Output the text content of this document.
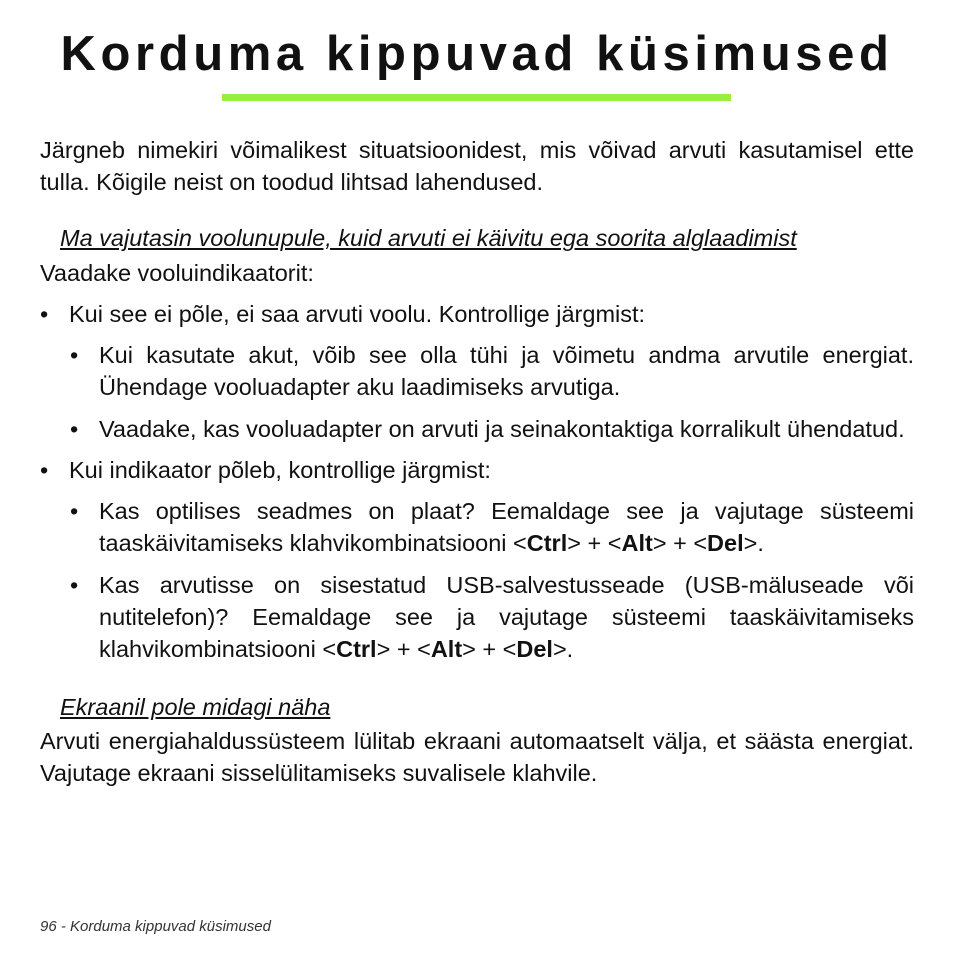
Korduma kippuvad küsimused

Järgneb nimekiri võimalikest situatsioonidest, mis võivad arvuti kasutamisel ette tulla. Kõigile neist on toodud lihtsad lahendused.

Ma vajutasin voolunupule, kuid arvuti ei käivitu ega soorita alglaadimist

Vaadake vooluindikaatorit:

• Kui see ei põle, ei saa arvuti voolu. Kontrollige järgmist:
• Kui kasutate akut, võib see olla tühi ja võimetu andma arvutile energiat. Ühendage vooluadapter aku laadimiseks arvutiga.
• Vaadake, kas vooluadapter on arvuti ja seinakontaktiga korralikult ühendatud.
• Kui indikaator põleb, kontrollige järgmist:
• Kas optilises seadmes on plaat? Eemaldage see ja vajutage süsteemi taaskäivitamiseks klahvikombinatsiooni <Ctrl> + <Alt> + <Del>.
• Kas arvutisse on sisestatud USB-salvestusseade (USB-mäluseade või nutitelefon)? Eemaldage see ja vajutage süsteemi taaskäivitamiseks klahvikombinatsiooni <Ctrl> + <Alt> + <Del>.

Ekraanil pole midagi näha

Arvuti energiahaldussüsteem lülitab ekraani automaatselt välja, et säästa energiat. Vajutage ekraani sisselülitamiseks suvalisele klahvile.

96 - Korduma kippuvad küsimused
